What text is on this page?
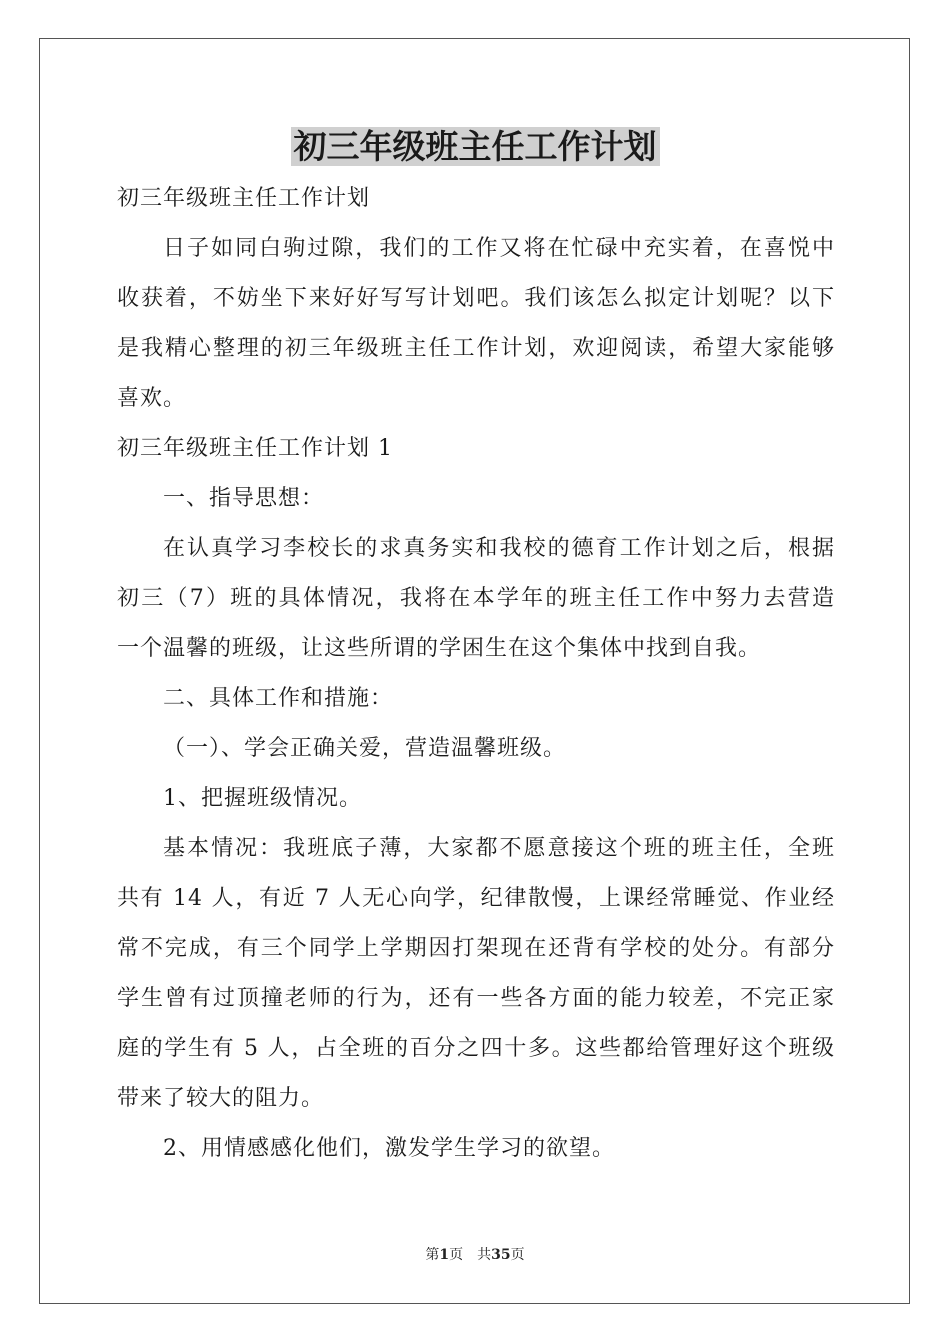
初三年级班主任工作计划
初三年级班主任工作计划
日子如同白驹过隙，我们的工作又将在忙碌中充实着，在喜悦中
收获着，不妨坐下来好好写写计划吧。我们该怎么拟定计划呢？以下
是我精心整理的初三年级班主任工作计划，欢迎阅读，希望大家能够
喜欢。
初三年级班主任工作计划 1
一、指导思想：
在认真学习李校长的求真务实和我校的德育工作计划之后，根据
初三（7）班的具体情况，我将在本学年的班主任工作中努力去营造
一个温馨的班级，让这些所谓的学困生在这个集体中找到自我。
二、具体工作和措施：
（一）、学会正确关爱，营造温馨班级。
1、把握班级情况。
基本情况：我班底子薄，大家都不愿意接这个班的班主任，全班
共有 14 人，有近 7 人无心向学，纪律散慢，上课经常睡觉、作业经
常不完成，有三个同学上学期因打架现在还背有学校的处分。有部分
学生曾有过顶撞老师的行为，还有一些各方面的能力较差，不完正家
庭的学生有 5 人，占全班的百分之四十多。这些都给管理好这个班级
带来了较大的阻力。
2、用情感感化他们，激发学生学习的欲望。
第1页　共35页
